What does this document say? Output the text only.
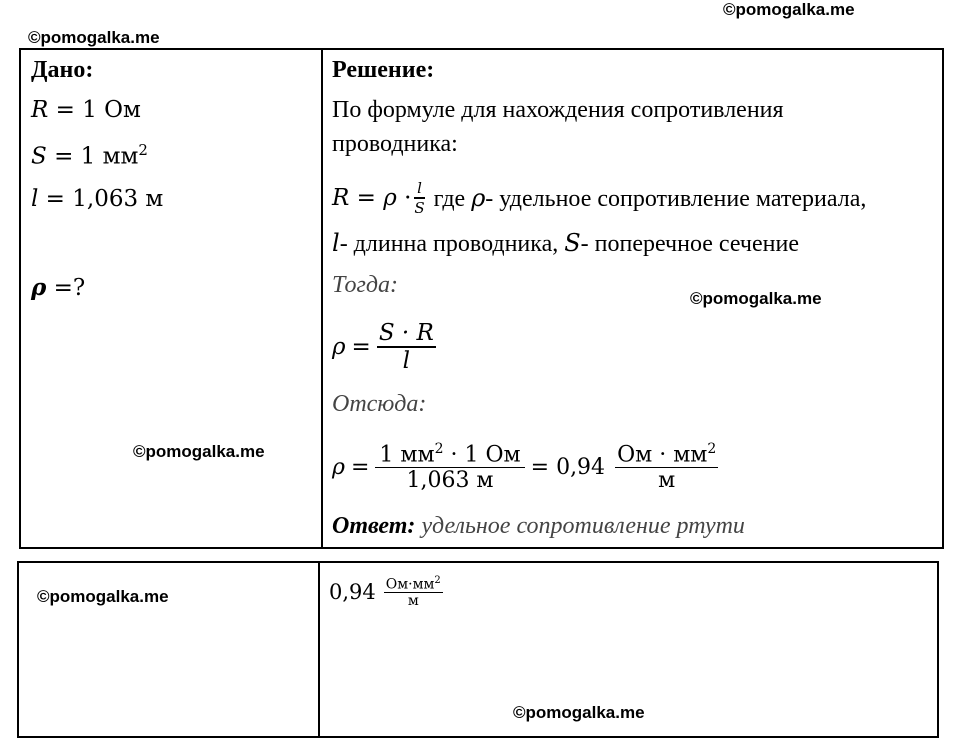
©pomogalka.me
©pomogalka.me
©pomogalka.me
©pomogalka.me
©pomogalka.me
©pomogalka.me
Дано:
R = 1 Ом
S = 1 $мм^2$
l = 1,063 м
ρ =?
Решение:
По формуле для нахождения сопротивления
проводника:
$R = \rho \cdot \frac{l}{S}$ где ρ- удельное сопротивление материала,
l- длинна проводника, S- поперечное сечение
Тогда:
$\rho = \frac{S \cdot R}{l}$
Отсюда:
$\rho = \frac{1 мм^2 \cdot 1 Ом}{1,063 м} = 0,94 \frac{Ом \cdot мм^2}{м}$
Ответ: удельное сопротивление ртути
$0,94 \frac{Ом\cdot мм^2}{м}$
